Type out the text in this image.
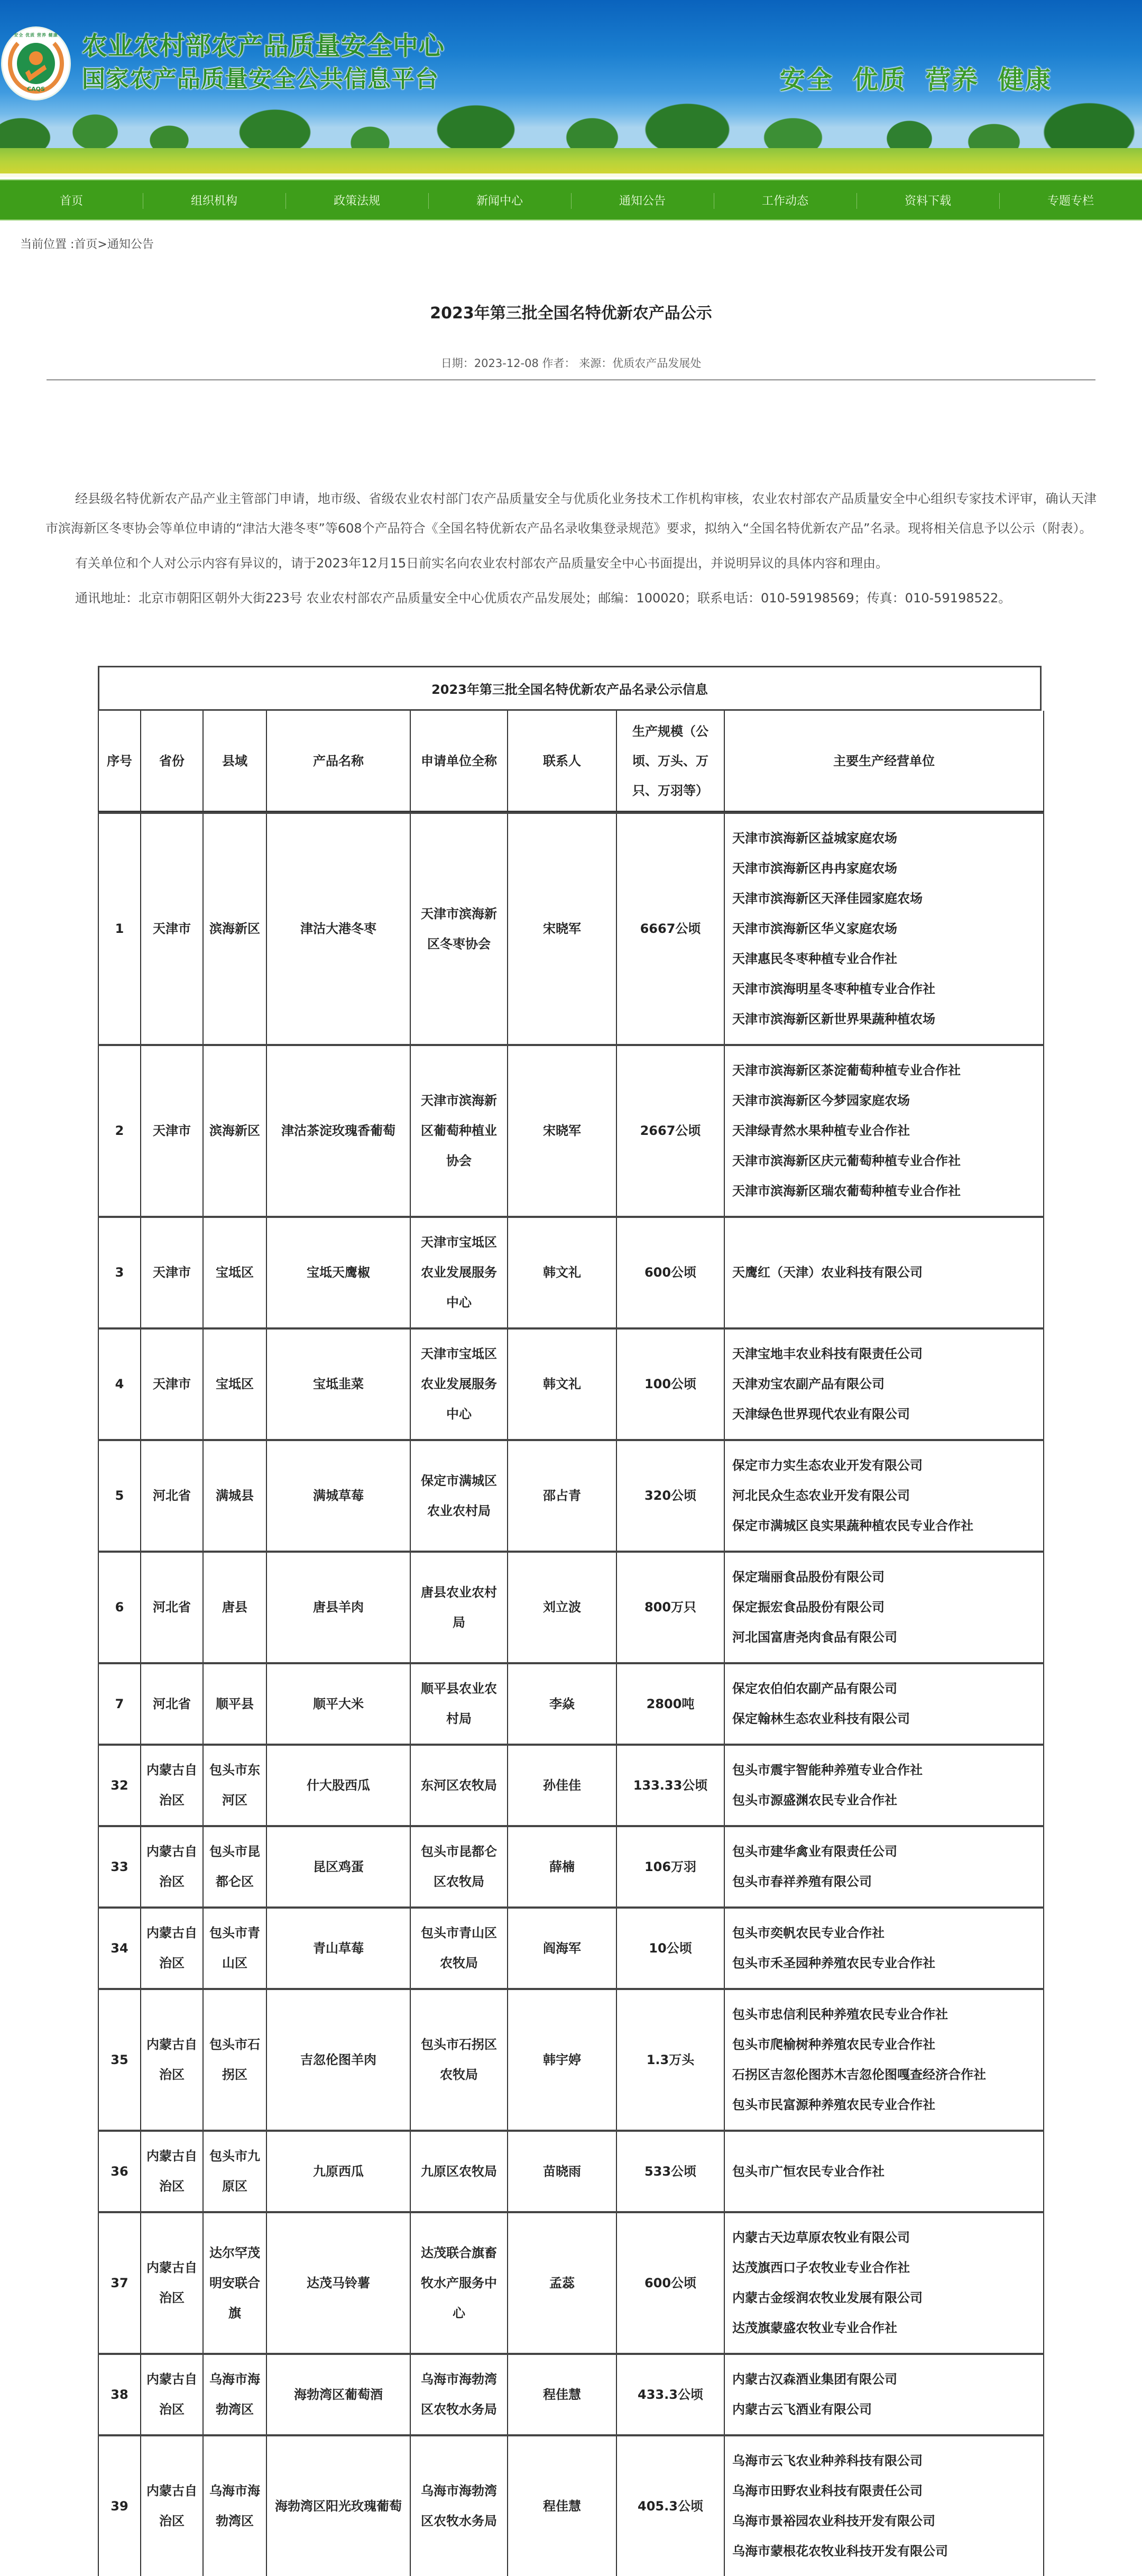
安全 优质 营养 健康
CAQS
农业农村部农产品质量安全中心
国家农产品质量安全公共信息平台	安全 优质 营养 健康
首页	组织机构	政策法规	新闻中心	通知公告	工作动态	资料下载	专题专栏
当前位置 :首页>通知公告
2023年第三批全国名特优新农产品公示
日期：2023-12-08 作者： 来源：优质农产品发展处

经县级名特优新农产品产业主管部门申请，地市级、省级农业农村部门农产品质量安全与优质化业务技术工作机构审核，农业农村部农产品质量安全中心组织专家技术评审，确认天津市滨海新区冬枣协会等单位申请的“津沽大港冬枣”等608个产品符合《全国名特优新农产品名录收集登录规范》要求，拟纳入“全国名特优新农产品”名录。现将相关信息予以公示（附表）。

有关单位和个人对公示内容有异议的，请于2023年12月15日前实名向农业农村部农产品质量安全中心书面提出，并说明异议的具体内容和理由。

通讯地址：北京市朝阳区朝外大街223号 农业农村部农产品质量安全中心优质农产品发展处；邮编：100020；联系电话：010-59198569；传真：010-59198522。

2023年第三批全国名特优新农产品名录公示信息
序号	省份	县域	产品名称	申请单位全称	联系人	生产规模（公顷、万头、万只、万羽等）	主要生产经营单位
1	天津市	滨海新区	津沽大港冬枣	天津市滨海新区冬枣协会	宋晓军	6667公顷	
天津市滨海新区益城家庭农场
天津市滨海新区冉冉家庭农场
天津市滨海新区天泽佳园家庭农场
天津市滨海新区华义家庭农场
天津惠民冬枣种植专业合作社
天津市滨海明星冬枣种植专业合作社
天津市滨海新区新世界果蔬种植农场

2	天津市	滨海新区	津沽茶淀玫瑰香葡萄	天津市滨海新区葡萄种植业协会	宋晓军	2667公顷	天津市滨海新区茶淀葡萄种植专业合作社
天津市滨海新区今梦园家庭农场
天津绿青然水果种植专业合作社
天津市滨海新区庆元葡萄种植专业合作社
天津市滨海新区瑞农葡萄种植专业合作社

3	天津市	宝坻区	宝坻天鹰椒	天津市宝坻区农业发展服务中心	韩文礼	600公顷	天鹰红（天津）农业科技有限公司

4	天津市	宝坻区	宝坻韭菜	天津市宝坻区农业发展服务中心	韩文礼	100公顷	天津宝地丰农业科技有限责任公司
天津劝宝农副产品有限公司
天津绿色世界现代农业有限公司

5	河北省	满城县	满城草莓	保定市满城区农业农村局	邵占青	320公顷	保定市力实生态农业开发有限公司
河北民众生态农业开发有限公司
保定市满城区良实果蔬种植农民专业合作社

6	河北省	唐县	唐县羊肉	唐县农业农村局	刘立波	800万只	保定瑞丽食品股份有限公司
保定振宏食品股份有限公司
河北国富唐尧肉食品有限公司

7	河北省	顺平县	顺平大米	顺平县农业农村局	李焱	2800吨	保定农伯伯农副产品有限公司
保定翰林生态农业科技有限公司

32	内蒙古自治区	包头市东河区	什大股西瓜	东河区农牧局	孙佳佳	133.33公顷	包头市震宇智能种养殖专业合作社
包头市源盛渊农民专业合作社

33	内蒙古自治区	包头市昆都仑区	昆区鸡蛋	包头市昆都仑区农牧局	薛楠	106万羽	包头市建华禽业有限责任公司
包头市春祥养殖有限公司

34	内蒙古自治区	包头市青山区	青山草莓	包头市青山区农牧局	阎海军	10公顷	包头市奕帆农民专业合作社
包头市禾圣园种养殖农民专业合作社

35	内蒙古自治区	包头市石拐区	吉忽伦图羊肉	包头市石拐区农牧局	韩宇婷	1.3万头	包头市忠信利民种养殖农民专业合作社
包头市爬榆树种养殖农民专业合作社
石拐区吉忽伦图苏木吉忽伦图嘎查经济合作社
包头市民富源种养殖农民专业合作社

36	内蒙古自治区	包头市九原区	九原西瓜	九原区农牧局	苗晓雨	533公顷	包头市广恒农民专业合作社

37	内蒙古自治区	达尔罕茂明安联合旗	达茂马铃薯	达茂联合旗畜牧水产服务中心	孟蕊	600公顷	内蒙古天边草原农牧业有限公司
达茂旗西口子农牧业专业合作社
内蒙古金绥润农牧业发展有限公司
达茂旗蒙盛农牧业专业合作社

38	内蒙古自治区	乌海市海勃湾区	海勃湾区葡萄酒	乌海市海勃湾区农牧水务局	程佳慧	433.3公顷	内蒙古汉森酒业集团有限公司
内蒙古云飞酒业有限公司

39	内蒙古自治区	乌海市海勃湾区	海勃湾区阳光玫瑰葡萄	乌海市海勃湾区农牧水务局	程佳慧	405.3公顷	乌海市云飞农业种养科技有限公司
乌海市田野农业科技有限责任公司
乌海市景裕园农业科技开发有限公司
乌海市蒙根花农牧业科技开发有限公司
